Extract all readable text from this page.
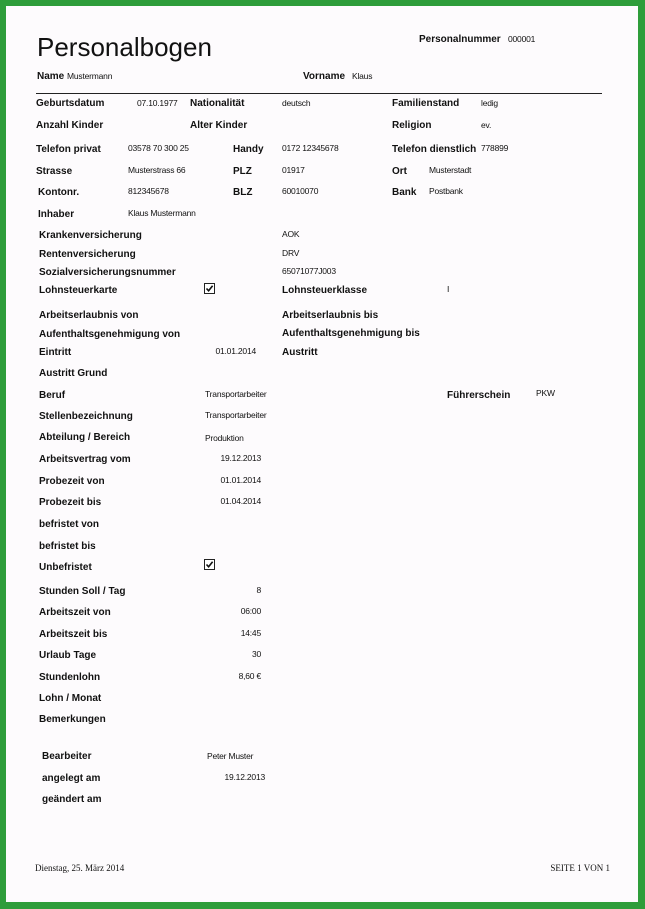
Personalbogen	Personalnummer 000001
Name Mustermann	Vorname Klaus
Geburtsdatum	07.10.1977 Nationalität	deutsch	Familienstand	ledig
Anzahl Kinder	Alter Kinder	Religion	ev.
Telefon privat	03578 70 300 25	Handy 0172 12345678	Telefon dienstlich 778899
Strasse	Musterstrass 66	PLZ	01917	Ort	Musterstadt
Kontonr.	812345678	BLZ	60010070	Bank Postbank
Inhaber	Klaus Mustermann
Krankenversicherung	AOK
Rentenversicherung	DRV
Sozialversicherungsnummer	65071077J003
Lohnsteuerkarte	Lohnsteuerklasse	I
Arbeitserlaubnis von	Arbeitserlaubnis bis
Aufenthaltsgenehmigung von	Aufenthaltsgenehmigung bis
Eintritt	01.01.2014	Austritt
Austritt Grund
Beruf	Transportarbeiter	Führerschein	PKW
Stellenbezeichnung	Transportarbeiter
Abteilung / Bereich	Produktion
Arbeitsvertrag vom	19.12.2013
Probezeit von	01.01.2014
Probezeit bis	01.04.2014
befristet von
befristet bis
Unbefristet
Stunden Soll / Tag	8
Arbeitszeit von	06:00
Arbeitszeit bis	14:45
Urlaub Tage	30
Stundenlohn	8,60 €
Lohn / Monat
Bemerkungen
Bearbeiter	Peter Muster
angelegt am	19.12.2013
geändert am
Dienstag, 25. März 2014	SEITE 1 VON 1
